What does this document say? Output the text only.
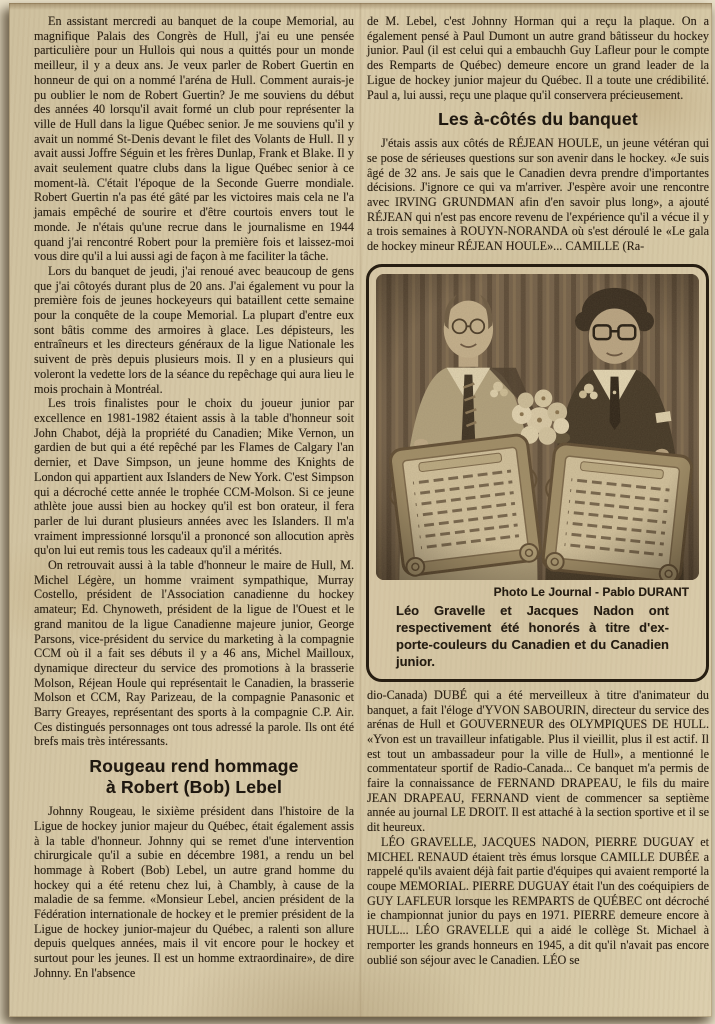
En assistant mercredi au banquet de la coupe Memorial, au magnifique Palais des Congrès de Hull, j'ai eu une pensée particulière pour un Hullois qui nous a quittés pour un monde meilleur, il y a deux ans. Je veux parler de Robert Guertin en honneur de qui on a nommé l'aréna de Hull. Comment aurais-je pu oublier le nom de Robert Guertin? Je me souviens du début des années 40 lorsqu'il avait formé un club pour représenter la ville de Hull dans la ligue Québec senior. Je me souviens qu'il y avait un nommé St-Denis devant le filet des Volants de Hull. Il y avait aussi Joffre Séguin et les frères Dunlap, Frank et Blake. Il y avait seulement quatre clubs dans la ligue Québec senior à ce moment-là. C'était l'époque de la Seconde Guerre mondiale. Robert Guertin n'a pas été gâté par les victoires mais cela ne l'a jamais empêché de sourire et d'être courtois envers tout le monde. Je n'étais qu'une recrue dans le journalisme en 1944 quand j'ai rencontré Robert pour la première fois et laissez-moi vous dire qu'il a lui aussi agi de façon à me faciliter la tâche.

Lors du banquet de jeudi, j'ai renoué avec beaucoup de gens que j'ai côtoyés durant plus de 20 ans. J'ai également vu pour la première fois de jeunes hockeyeurs qui bataillent cette semaine pour la conquête de la coupe Memorial. La plupart d'entre eux sont bâtis comme des armoires à glace. Les dépisteurs, les entraîneurs et les directeurs généraux de la ligue Nationale les suivent de près depuis plusieurs mois. Il y en a plusieurs qui voleront la vedette lors de la séance du repêchage qui aura lieu le mois prochain à Montréal.

Les trois finalistes pour le choix du joueur junior par excellence en 1981-1982 étaient assis à la table d'honneur soit John Chabot, déjà la propriété du Canadien; Mike Vernon, un gardien de but qui a été repêché par les Flames de Calgary l'an dernier, et Dave Simpson, un jeune homme des Knights de London qui appartient aux Islanders de New York. C'est Simpson qui a décroché cette année le trophée CCM-Molson. Si ce jeune athlète joue aussi bien au hockey qu'il est bon orateur, il fera parler de lui durant plusieurs années avec les Islanders. Il m'a vraiment impressionné lorsqu'il a prononcé son allocution après qu'on lui eut remis tous les cadeaux qu'il a mérités.

On retrouvait aussi à la table d'honneur le maire de Hull, M. Michel Légère, un homme vraiment sympathique, Murray Costello, président de l'Association canadienne du hockey amateur; Ed. Chynoweth, président de la ligue de l'Ouest et le grand manitou de la ligue Canadienne majeure junior, George Parsons, vice-président du service du marketing à la compagnie CCM où il a fait ses débuts il y a 46 ans, Michel Mailloux, dynamique directeur du service des promotions à la brasserie Molson, Réjean Houle qui représentait le Canadien, la brasserie Molson et CCM, Ray Parizeau, de la compagnie Panasonic et Barry Greayes, représentant des sports à la compagnie C.P. Air. Ces distingués personnages ont tous adressé la parole. Ils ont été brefs mais très intéressants.

Rougeau rend hommage
à Robert (Bob) Lebel

Johnny Rougeau, le sixième président dans l'histoire de la Ligue de hockey junior majeur du Québec, était également assis à la table d'honneur. Johnny qui se remet d'une intervention chirurgicale qu'il a subie en décembre 1981, a rendu un bel hommage à Robert (Bob) Lebel, un autre grand homme du hockey qui a été retenu chez lui, à Chambly, à cause de la maladie de sa femme. «Monsieur Lebel, ancien président de la Fédération internationale de hockey et le premier président de la Ligue de hockey junior-majeur du Québec, a ralenti son allure depuis quelques années, mais il vit encore pour le hockey et surtout pour les jeunes. Il est un homme extraordinaire», de dire Johnny. En l'absence

de M. Lebel, c'est Johnny Horman qui a reçu la plaque. On a également pensé à Paul Dumont un autre grand bâtisseur du hockey junior. Paul (il est celui qui a embauchh Guy Lafleur pour le compte des Remparts de Québec) demeure encore un grand leader de la Ligue de hockey junior majeur du Québec. Il a toute une crédibilité. Paul a, lui aussi, reçu une plaque qu'il conservera précieusement.

Les à-côtés du banquet

J'étais assis aux côtés de RÉJEAN HOULE, un jeune vétéran qui se pose de sérieuses questions sur son avenir dans le hockey. «Je suis âgé de 32 ans. Je sais que le Canadien devra prendre d'importantes décisions. J'ignore ce qui va m'arriver. J'espère avoir une rencontre avec IRVING GRUNDMAN afin d'en savoir plus long», a ajouté RÉJEAN qui n'est pas encore revenu de l'expérience qu'il a vécue il y a trois semaines à ROUYN-NORANDA où s'est déroulé le «Le gala de hockey mineur RÉJEAN HOULE»... CAMILLE (Ra-

Photo Le Journal - Pablo DURANT
Léo Gravelle et Jacques Nadon ont respectivement été honorés à titre d'ex-porte-couleurs du Canadien et du Canadien junior.

dio-Canada) DUBÉ qui a été merveilleux à titre d'animateur du banquet, a fait l'éloge d'YVON SABOURIN, directeur du service des arénas de Hull et GOUVERNEUR des OLYMPIQUES DE HULL. «Yvon est un travailleur infatigable. Plus il vieillit, plus il est actif. Il est tout un ambassadeur pour la ville de Hull», a mentionné le commentateur sportif de Radio-Canada... Ce banquet m'a permis de faire la connaissance de FERNAND DRAPEAU, le fils du maire JEAN DRAPEAU, FERNAND vient de commencer sa septième année au journal LE DROIT. Il est attaché à la section sportive et il se dit heureux.

LÉO GRAVELLE, JACQUES NADON, PIERRE DUGUAY et MICHEL RENAUD étaient très émus lorsque CAMILLE DUBÉE a rappelé qu'ils avaient déjà fait partie d'équipes qui avaient remporté la coupe MEMORIAL. PIERRE DUGUAY était l'un des coéquipiers de GUY LAFLEUR lorsque les REMPARTS de QUÉBEC ont décroché ie championnat junior du pays en 1971. PIERRE demeure encore à HULL... LÉO GRAVELLE qui a aidé le collège St. Michael à remporter les grands honneurs en 1945, a dit qu'il n'avait pas encore oublié son séjour avec le Canadien. LÉO se
